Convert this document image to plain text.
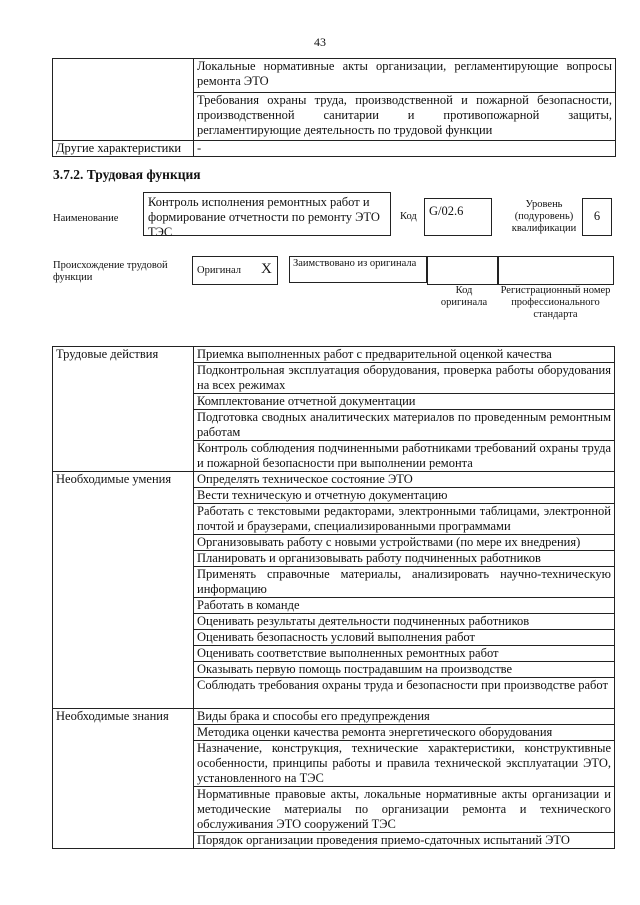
43
	Локальные нормативные акты организации, регламентирующие вопросы ремонта ЭТО
	Требования охраны труда, производственной и пожарной безопасности, производственной санитарии и противопожарной защиты, регламентирующие деятельность по трудовой функции
Другие характеристики	-
3.7.2. Трудовая функция
Наименование
Контроль исполнения ремонтных работ и формирование отчетности по ремонту ЭТО ТЭС
Код G/02.6	Уровень (подуровень) квалификации
6
Происхождение трудовой функции
Оригинал X	Заимствовано из оригинала
Код оригинала
Регистрационный номер профессионального стандарта
Трудовые действия	Приемка выполненных работ с предварительной оценкой качества
	Подконтрольная эксплуатация оборудования, проверка работы оборудования на всех режимах
	Комплектование отчетной документации
	Подготовка сводных аналитических материалов по проведенным ремонтным работам
	Контроль соблюдения подчиненными работниками требований охраны труда и пожарной безопасности при выполнении ремонта
Необходимые умения	Определять техническое состояние ЭТО
	Вести техническую и отчетную документацию
	Работать с текстовыми редакторами, электронными таблицами, электронной почтой и браузерами, специализированными программами
	Организовывать работу с новыми устройствами (по мере их внедрения)
	Планировать и организовывать работу подчиненных работников
	Применять справочные материалы, анализировать научно-техническую информацию
	Работать в команде
	Оценивать результаты деятельности подчиненных работников
	Оценивать безопасность условий выполнения работ
	Оценивать соответствие выполненных ремонтных работ
	Оказывать первую помощь пострадавшим на производстве
	Соблюдать требования охраны труда и безопасности при производстве работ
Необходимые знания	Виды брака и способы его предупреждения
	Методика оценки качества ремонта энергетического оборудования
	Назначение, конструкция, технические характеристики, конструктивные особенности, принципы работы и правила технической эксплуатации ЭТО, установленного на ТЭС
	Нормативные правовые акты, локальные нормативные акты организации и методические материалы по организации ремонта и технического обслуживания ЭТО сооружений ТЭС
	Порядок организации проведения приемо-сдаточных испытаний ЭТО
